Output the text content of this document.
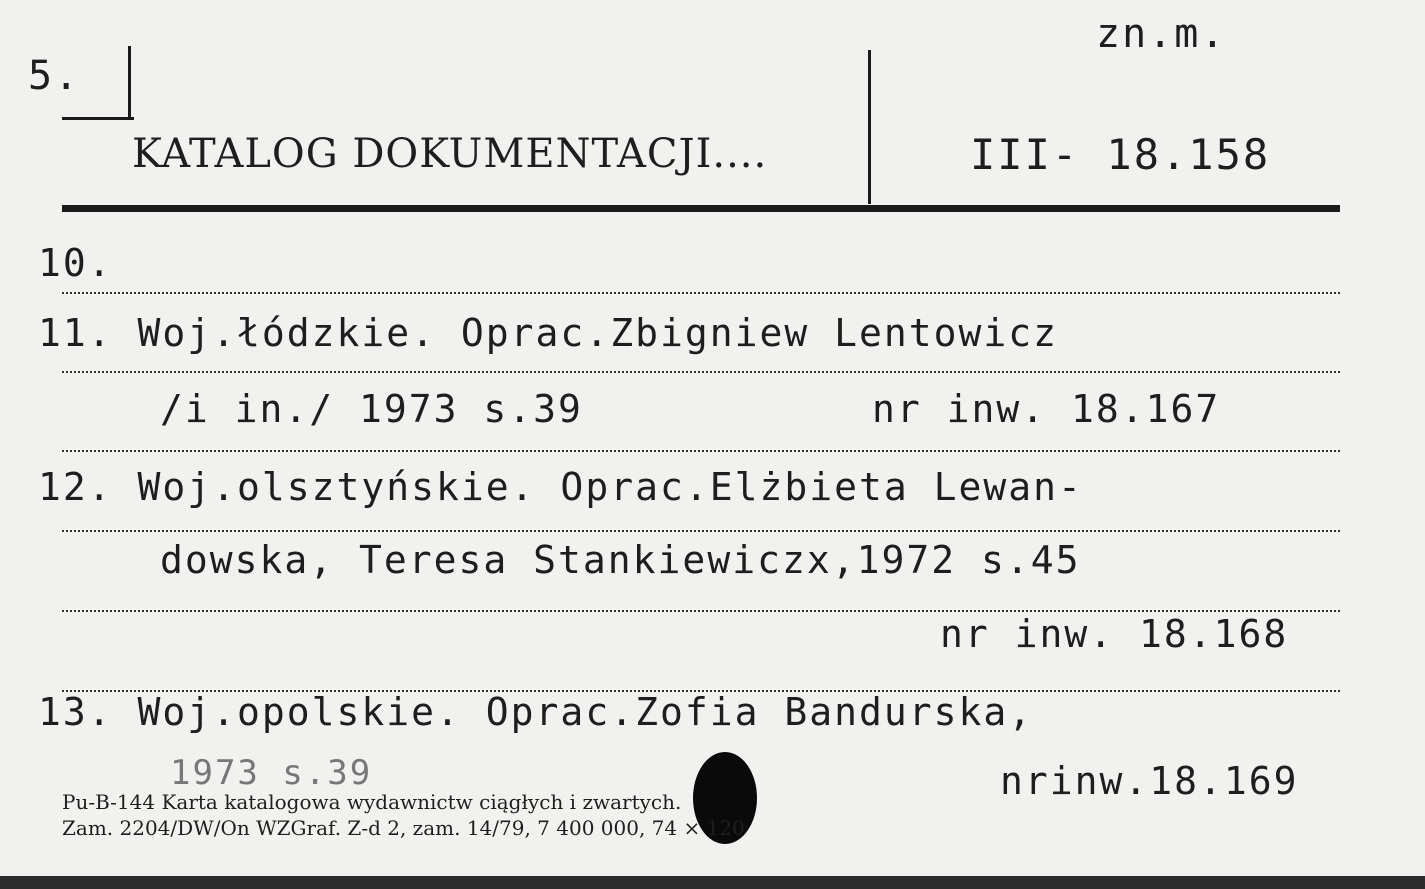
5.
KATALOG DOKUMENTACJI....
zn.m.
III- 18.158
10.
11. Woj.łódzkie. Oprac.Zbigniew Lentowicz
/i in./ 1973 s.39	nr inw. 18.167
12. Woj.olsztyńskie. Oprac.Elżbieta Lewan-
dowska, Teresa Stankiewiczx,1972 s.45
nr inw. 18.168
13. Woj.opolskie. Oprac.Zofia Bandurska,
1973 s.39	nrinw.18.169
Pu-B-144 Karta katalogowa wydawnictw ciągłych i zwartych.
Zam. 2204/DW/On WZGraf. Z-d 2, zam. 14/79, 7 400 000, 74 × 120
